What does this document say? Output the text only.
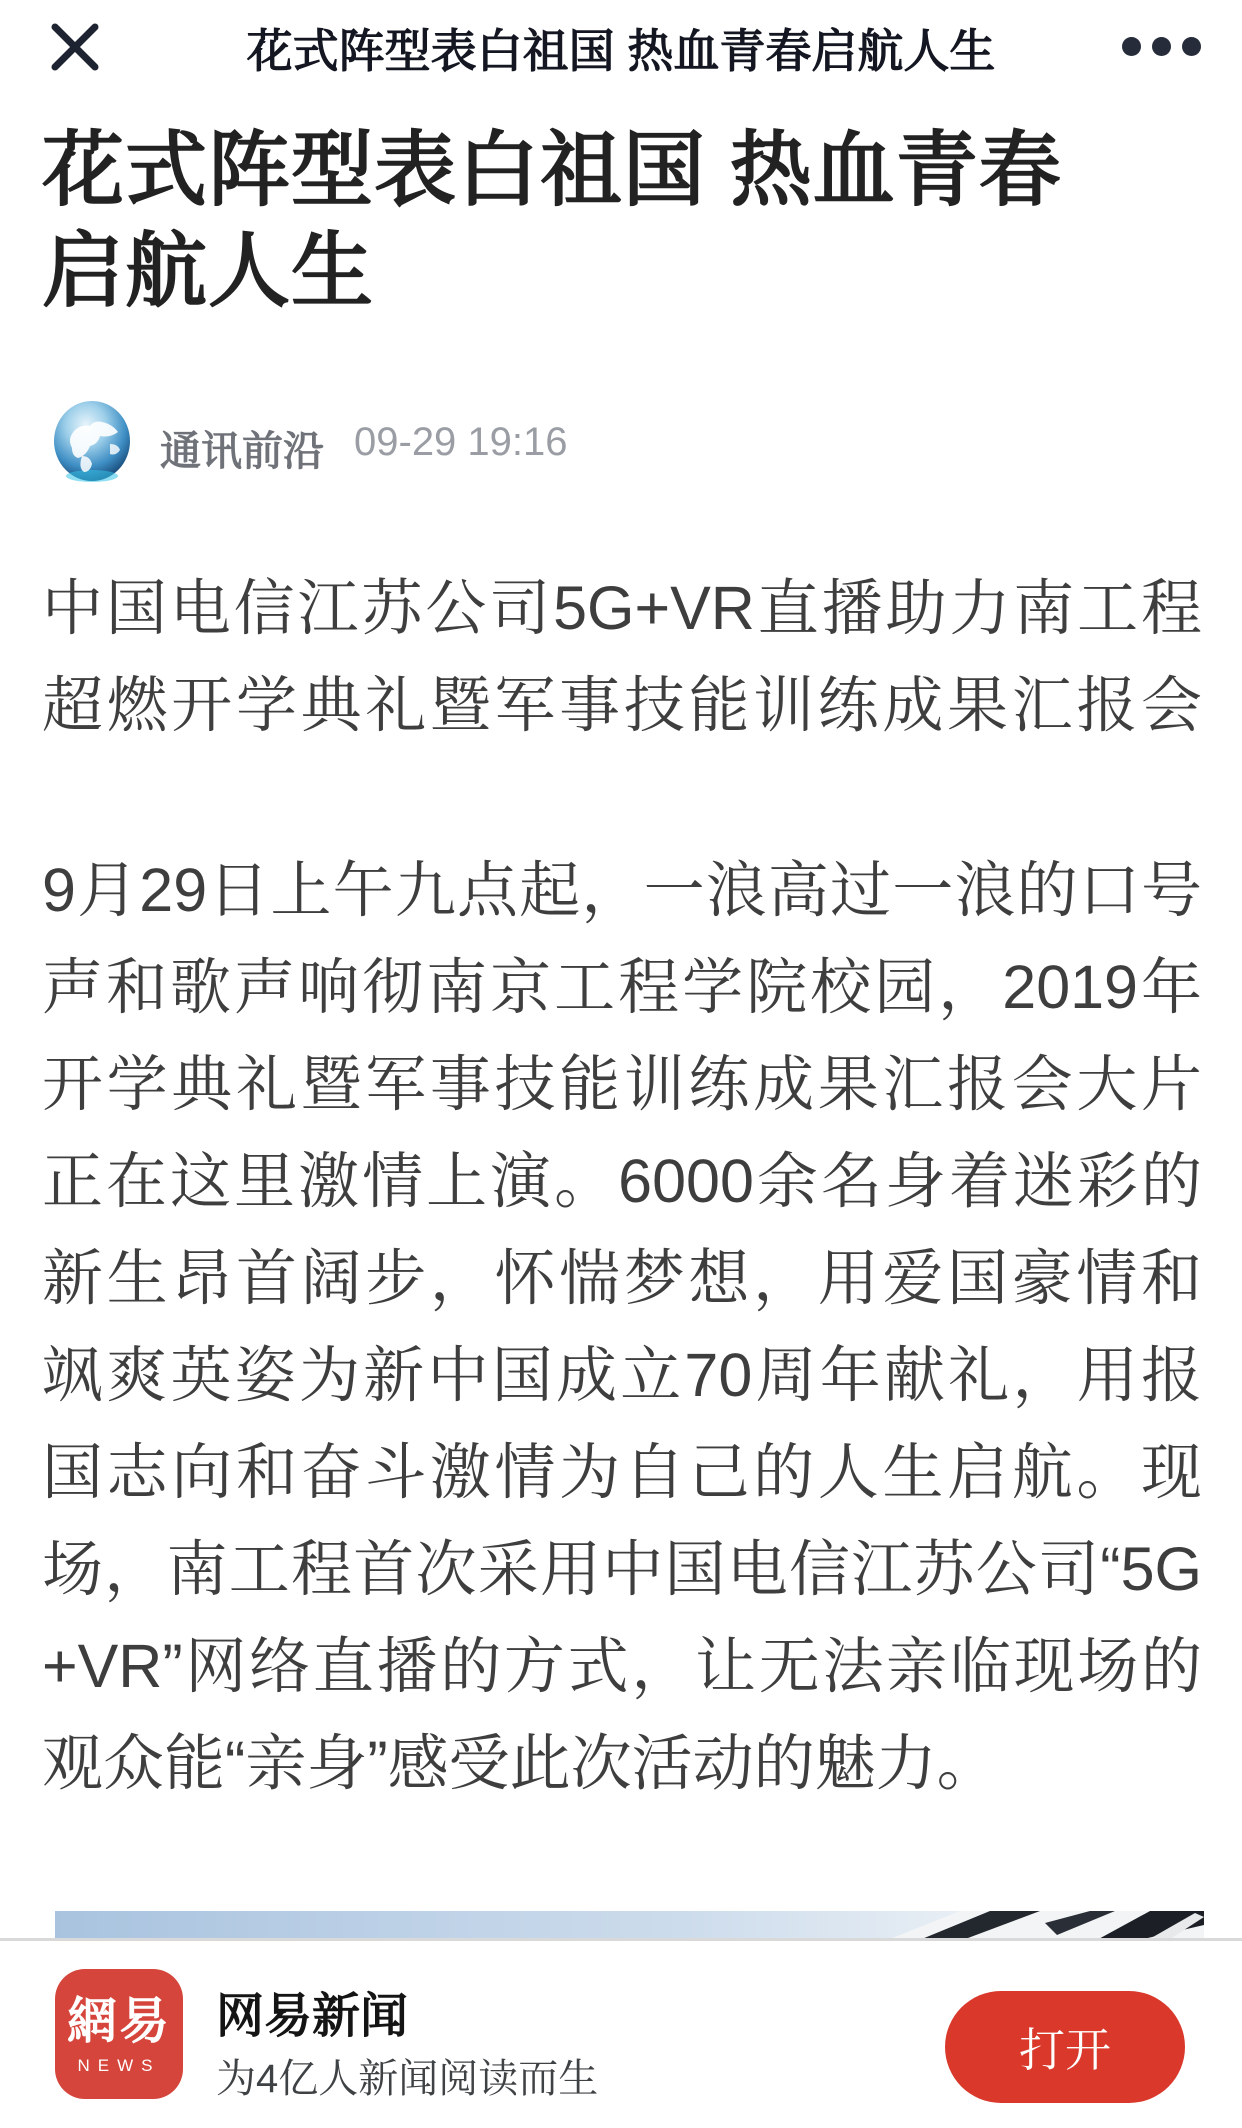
花式阵型表白祖国 热血青春启航人生
花式阵型表白祖国 热血青春
启航人生
通讯前沿 09-29 19:16
中国电信江苏公司5G+VR直播助力南工程
超燃开学典礼暨军事技能训练成果汇报会
9月29日上午九点起，一浪高过一浪的口号
声和歌声响彻南京工程学院校园，2019年
开学典礼暨军事技能训练成果汇报会大片
正在这里激情上演。6000余名身着迷彩的
新生昂首阔步，怀惴梦想，用爱国豪情和
飒爽英姿为新中国成立70周年献礼，用报
国志向和奋斗激情为自己的人生启航。现
场，南工程首次采用中国电信江苏公司“5G
+VR”网络直播的方式，让无法亲临现场的
观众能“亲身”感受此次活动的魅力。
網易
NEWS
网易新闻
为4亿人新闻阅读而生
打开
